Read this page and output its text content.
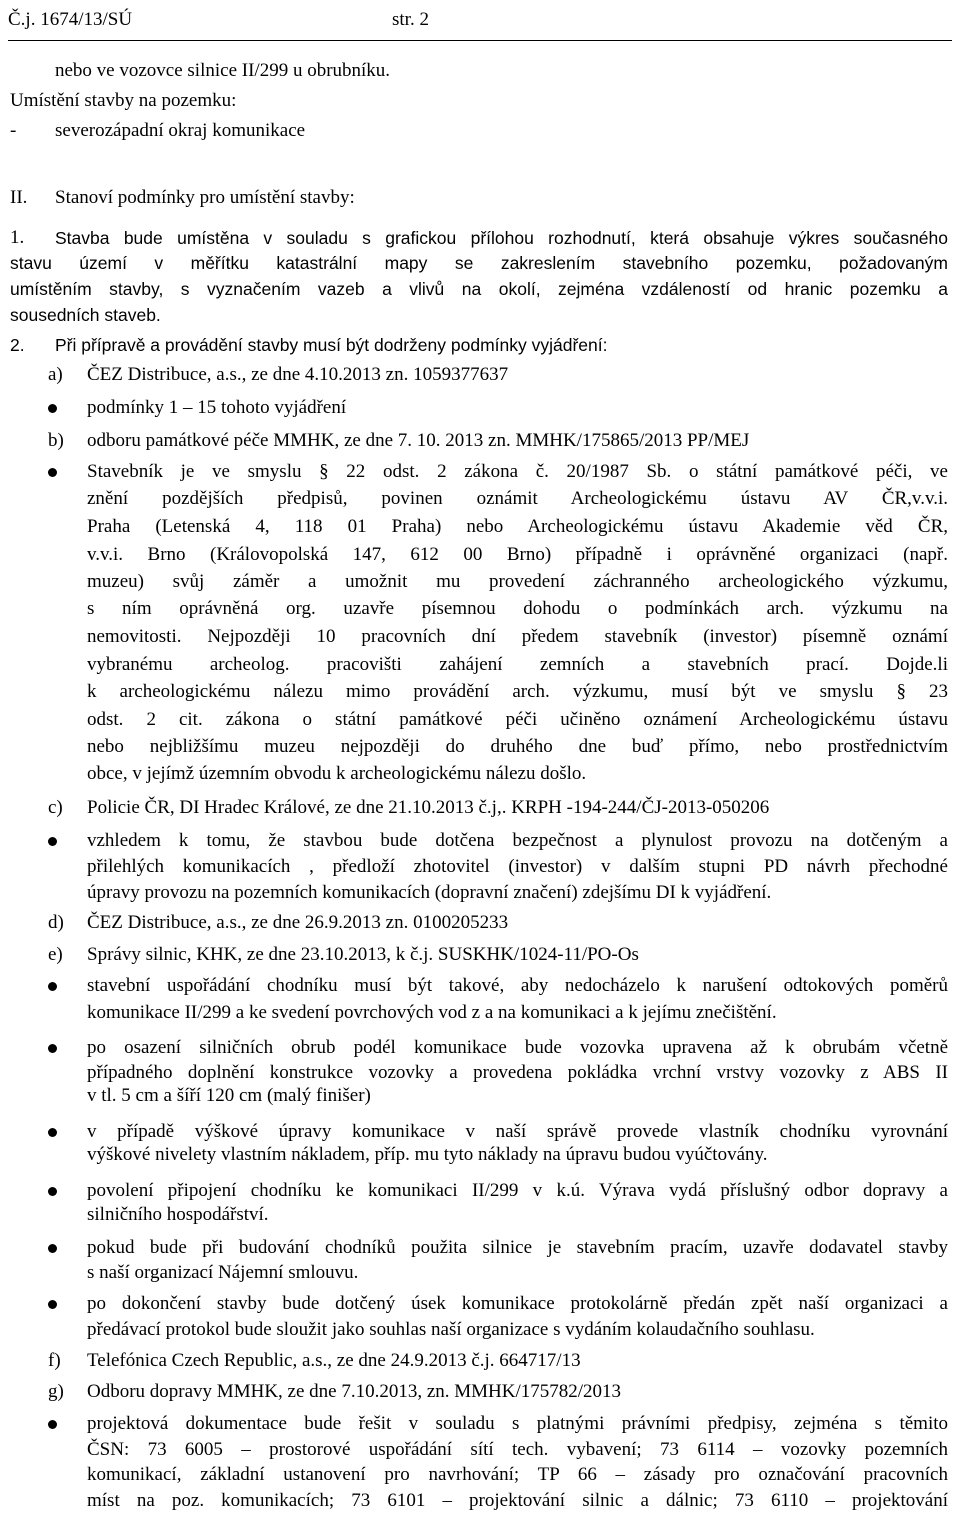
Č.j. 1674/13/SÚ	str. 2
nebo ve vozovce silnice II/299 u obrubníku.
Umístění stavby na pozemku:
- severozápadní okraj komunikace
II. Stanoví podmínky pro umístění stavby:
1. Stavba bude umístěna v souladu s grafickou přílohou rozhodnutí, která obsahuje výkres současného
stavu území v měřítku katastrální mapy se zakreslením stavebního pozemku, požadovaným
umístěním stavby, s vyznačením vazeb a vlivů na okolí, zejména vzdáleností od hranic pozemku a
sousedních staveb.
2. Při přípravě a provádění stavby musí být dodrženy podmínky vyjádření:
a) ČEZ Distribuce, a.s., ze dne 4.10.2013 zn. 1059377637
podmínky 1 – 15 tohoto vyjádření
b) odboru památkové péče MMHK, ze dne 7. 10. 2013 zn. MMHK/175865/2013 PP/MEJ
Stavebník je ve smyslu § 22 odst. 2 zákona č. 20/1987 Sb. o státní památkové péči, ve
znění pozdějších předpisů, povinen oznámit Archeologickému ústavu AV ČR,v.v.i.
Praha (Letenská 4, 118 01 Praha) nebo Archeologickému ústavu Akademie věd ČR,
v.v.i. Brno (Královopolská 147, 612 00 Brno) případně i oprávněné organizaci (např.
muzeu) svůj záměr a umožnit mu provedení záchranného archeologického výzkumu,
s ním oprávněná org. uzavře písemnou dohodu o podmínkách arch. výzkumu na
nemovitosti. Nejpozději 10 pracovních dní předem stavebník (investor) písemně oznámí
vybranému archeolog. pracovišti zahájení zemních a stavebních prací. Dojde.li
k archeologickému nálezu mimo provádění arch. výzkumu, musí být ve smyslu § 23
odst. 2 cit. zákona o státní památkové péči učiněno oznámení Archeologickému ústavu
nebo nejbližšímu muzeu nejpozději do druhého dne buď přímo, nebo prostřednictvím
obce, v jejímž územním obvodu k archeologickému nálezu došlo.
c) Policie ČR, DI Hradec Králové, ze dne 21.10.2013 č.j,. KRPH -194-244/ČJ-2013-050206
vzhledem k tomu, že stavbou bude dotčena bezpečnost a plynulost provozu na dotčeným a
přilehlých komunikacích , předloží zhotovitel (investor) v dalším stupni PD návrh přechodné
úpravy provozu na pozemních komunikacích (dopravní značení) zdejšímu DI k vyjádření.
d) ČEZ Distribuce, a.s., ze dne 26.9.2013 zn. 0100205233
e) Správy silnic, KHK, ze dne 23.10.2013, k č.j. SUSKHK/1024-11/PO-Os
stavební uspořádání chodníku musí být takové, aby nedocházelo k narušení odtokových poměrů
komunikace II/299 a ke svedení povrchových vod z a na komunikaci a k jejímu znečištění.
po osazení silničních obrub podél komunikace bude vozovka upravena až k obrubám včetně
případného doplnění konstrukce vozovky a provedena pokládka vrchní vrstvy vozovky z ABS II
v tl. 5 cm a šíří 120 cm (malý finišer)
v případě výškové úpravy komunikace v naší správě provede vlastník chodníku vyrovnání
výškové nivelety vlastním nákladem, příp. mu tyto náklady na úpravu budou vyúčtovány.
povolení připojení chodníku ke komunikaci II/299 v k.ú. Výrava vydá příslušný odbor dopravy a
silničního hospodářství.
pokud bude při budování chodníků použita silnice je stavebním pracím, uzavře dodavatel stavby
s naší organizací Nájemní smlouvu.
po dokončení stavby bude dotčený úsek komunikace protokolárně předán zpět naší organizaci a
předávací protokol bude sloužit jako souhlas naší organizace s vydáním kolaudačního souhlasu.
f) Telefónica Czech Republic, a.s., ze dne 24.9.2013 č.j. 664717/13
g) Odboru dopravy MMHK, ze dne 7.10.2013, zn. MMHK/175782/2013
projektová dokumentace bude řešit v souladu s platnými právními předpisy, zejména s těmito
ČSN: 73 6005 – prostorové uspořádání sítí tech. vybavení; 73 6114 – vozovky pozemních
komunikací, základní ustanovení pro navrhování; TP 66 – zásady pro označování pracovních
míst na poz. komunikacích; 73 6101 – projektování silnic a dálnic; 73 6110 – projektování
